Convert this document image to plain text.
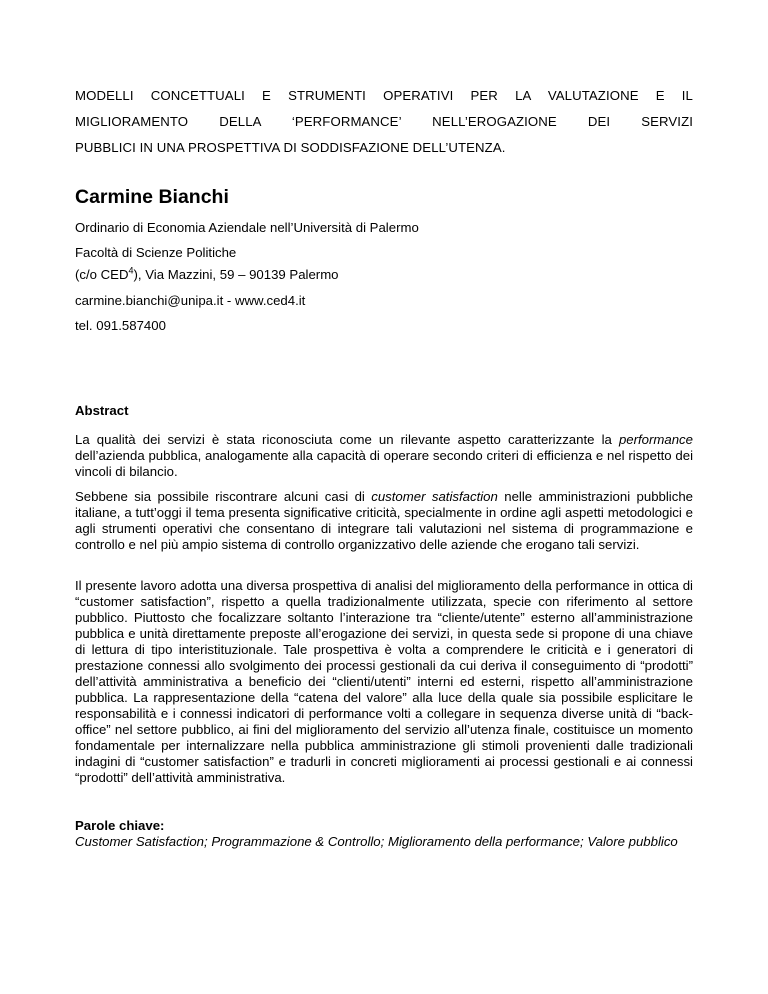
MODELLI CONCETTUALI E STRUMENTI OPERATIVI PER LA VALUTAZIONE E IL
MIGLIORAMENTO DELLA ‘PERFORMANCE’ NELL’EROGAZIONE DEI SERVIZI
PUBBLICI IN UNA PROSPETTIVA DI SODDISFAZIONE DELL’UTENZA.
Carmine Bianchi
Ordinario di Economia Aziendale nell’Università di Palermo
Facoltà di Scienze Politiche
(c/o CED$^4$), Via Mazzini, 59 – 90139 Palermo
carmine.bianchi@unipa.it - www.ced4.it
tel. 091.587400
Abstract
La qualità dei servizi è stata riconosciuta come un rilevante aspetto caratterizzante la performance dell’azienda pubblica, analogamente alla capacità di operare secondo criteri di efficienza e nel rispetto dei vincoli di bilancio.
Sebbene sia possibile riscontrare alcuni casi di customer satisfaction nelle amministrazioni pubbliche italiane, a tutt’oggi il tema presenta significative criticità, specialmente in ordine agli aspetti metodologici e agli strumenti operativi che consentano di integrare tali valutazioni nel sistema di programmazione e controllo e nel più ampio sistema di controllo organizzativo delle aziende che erogano tali servizi.
Il presente lavoro adotta una diversa prospettiva di analisi del miglioramento della performance in ottica di “customer satisfaction”, rispetto a quella tradizionalmente utilizzata, specie con riferimento al settore pubblico. Piuttosto che focalizzare soltanto l’interazione tra “cliente/utente” esterno all’amministrazione pubblica e unità direttamente preposte all’erogazione dei servizi, in questa sede si propone di una chiave di lettura di tipo interistituzionale. Tale prospettiva è volta a comprendere le criticità e i generatori di prestazione connessi allo svolgimento dei processi gestionali da cui deriva il conseguimento di “prodotti” dell’attività amministrativa a beneficio dei “clienti/utenti” interni ed esterni, rispetto all’amministrazione pubblica. La rappresentazione della “catena del valore” alla luce della quale sia possibile esplicitare le responsabilità e i connessi indicatori di performance volti a collegare in sequenza diverse unità di “back-office” nel settore pubblico, ai fini del miglioramento del servizio all’utenza finale, costituisce un momento fondamentale per internalizzare nella pubblica amministrazione gli stimoli provenienti dalle tradizionali indagini di “customer satisfaction” e tradurli in concreti miglioramenti ai processi gestionali e ai connessi “prodotti” dell’attività amministrativa.
Parole chiave:
Customer Satisfaction; Programmazione & Controllo; Miglioramento della performance; Valore pubblico
